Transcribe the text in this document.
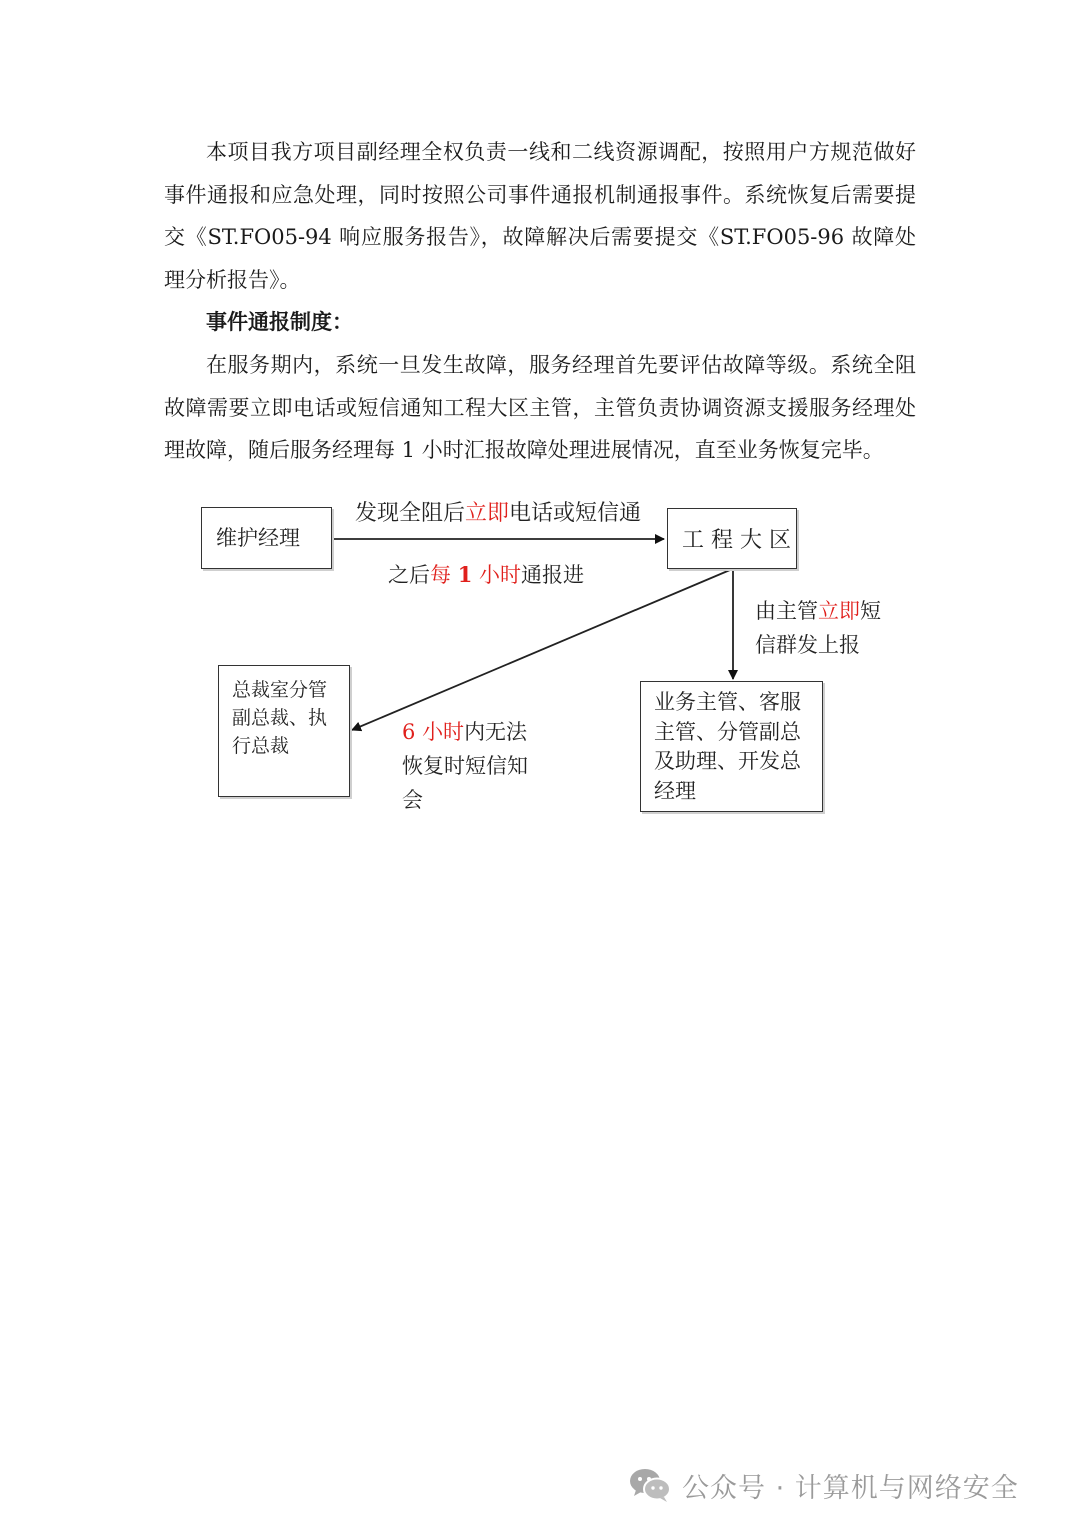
本项目我方项目副经理全权负责一线和二线资源调配，按照用户方规范做好事件通报和应急处理，同时按照公司事件通报机制通报事件。系统恢复后需要提交《ST.FO05-94 响应服务报告》，故障解决后需要提交《ST.FO05-96 故障处理分析报告》。

事件通报制度：

在服务期内，系统一旦发生故障，服务经理首先要评估故障等级。系统全阻故障需要立即电话或短信通知工程大区主管，主管负责协调资源支援服务经理处理故障，随后服务经理每 1 小时汇报故障处理进展情况，直至业务恢复完毕。

维护经理	工 程 大 区
总裁室分管
副总裁、执
行总裁
业务主管、客服
主管、分管副总
及助理、开发总
经理
发现全阻后立即电话或短信通
之后每 1 小时通报进
由主管立即短
信群发上报
6 小时内无法
恢复时短信知
会
公众号 · 计算机与网络安全
